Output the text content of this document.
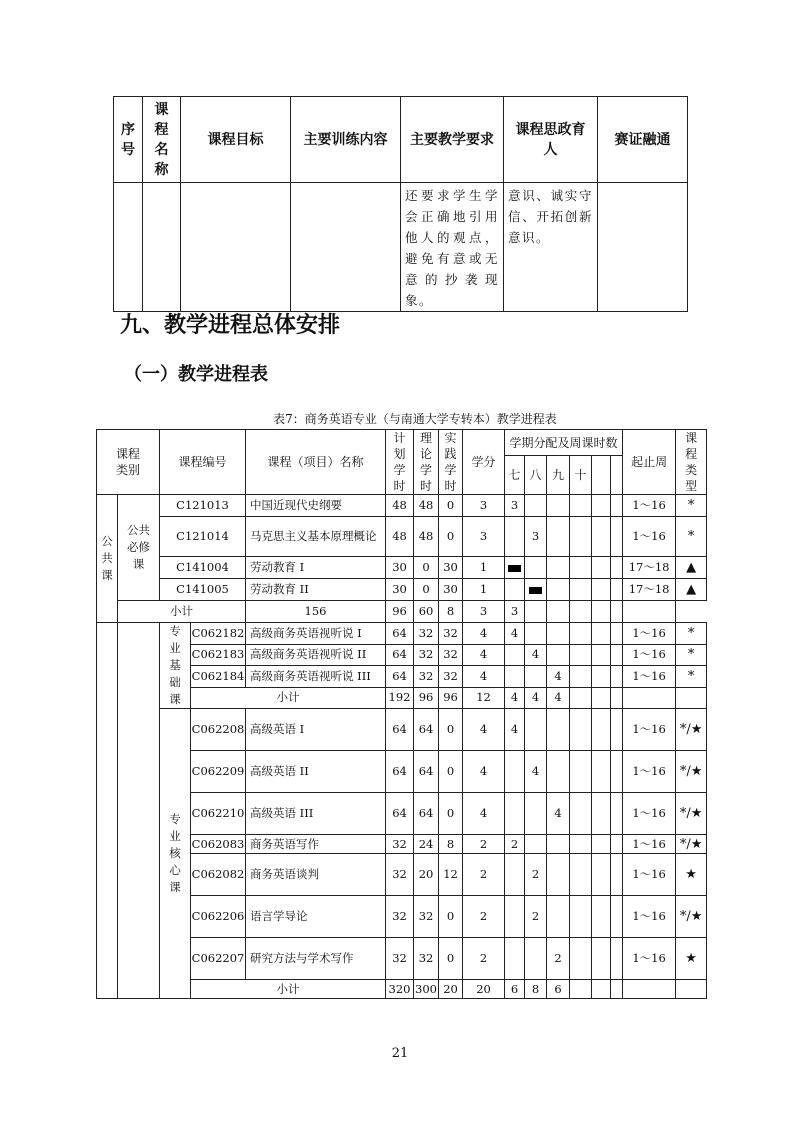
序号	课程名称	课程目标	主要训练内容	主要教学要求	课程思政育人	赛证融通
				还要求学生学会正确地引用他人的观点，避免有意或无意的抄袭现象。	意识、诚实守信、开拓创新意识。	
九、教学进程总体安排
（一）教学进程表
表7：商务英语专业（与南通大学专转本）教学进程表
课程类别		课程编号		课程（项目）名称	计划学时	理论学时	实践学时	学分	学期分配及周课时数						起止周	课程类型
									七	八	九	十				
公共课	公共必修课	C121013		中国近现代史纲要	48	48	0	3	3						1～16	*
		C121014		马克思主义基本原理概论	48	48	0	3		3					1～16	*
		C141004		劳动教育 I	30	0	30	1							17～18	▲
		C141005		劳动教育 II	30	0	30	1							17～18	▲
	小计			156	96	60	8	3	3							
		专业基础课	C062182	高级商务英语视听说 I	64	32	32	4	4						1～16	*
			C062183	高级商务英语视听说 II	64	32	32	4		4					1～16	*
			C062184	高级商务英语视听说 III	64	32	32	4			4				1～16	*
			小计		192	96	96	12	4	4	4					
		专业核心课	C062208	高级英语 I	64	64	0	4	4						1～16	*/★
			C062209	高级英语 II	64	64	0	4		4					1～16	*/★
			C062210	高级英语 III	64	64	0	4			4				1～16	*/★
			C062083	商务英语写作	32	24	8	2	2						1～16	*/★
			C062082	商务英语谈判	32	20	12	2		2					1～16	★
			C062206	语言学导论	32	32	0	2		2					1～16	*/★
			C062207	研究方法与学术写作	32	32	0	2			2				1～16	★
			小计		320	300	20	20	6	8	6					
21
